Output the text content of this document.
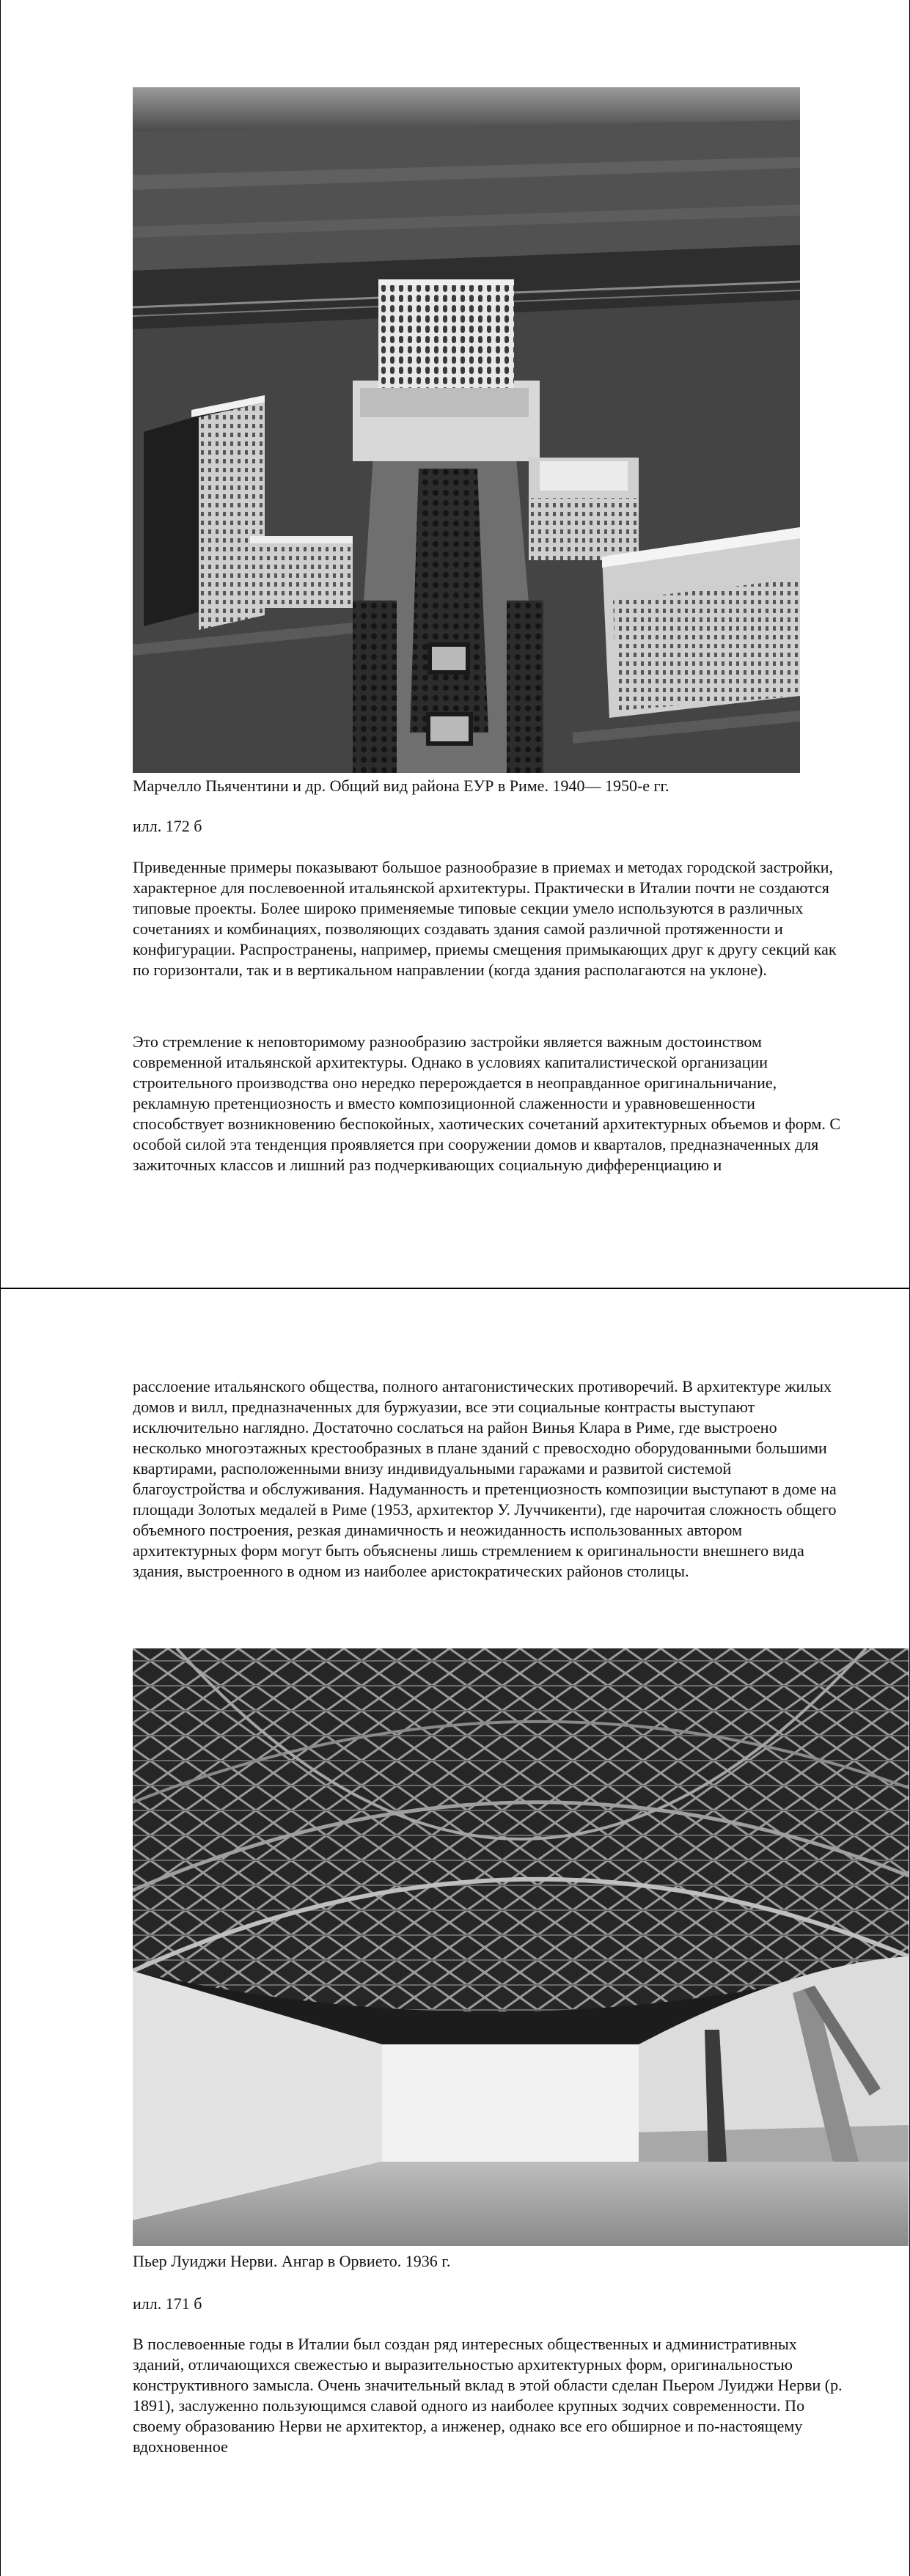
Марчелло Пьячентини и др. Общий вид района ЕУР в Риме. 1940— 1950-е гг.

илл. 172 б

Приведенные примеры показывают большое разнообразие в приемах и методах городской застройки, характерное для послевоенной итальянской архитектуры. Практически в Италии почти не создаются типовые проекты. Более широко применяемые типовые секции умело используются в различных сочетаниях и комбинациях, позволяющих создавать здания самой различной протяженности и конфигурации. Распространены, например, приемы смещения примыкающих друг к другу секций как по горизонтали, так и в вертикальном направлении (когда здания располагаются на уклоне).

Это стремление к неповторимому разнообразию застройки является важным достоинством современной итальянской архитектуры. Однако в условиях капиталистической организации строительного производства оно нередко перерождается в неоправданное оригинальничание, рекламную претенциозность и вместо композиционной слаженности и уравновешенности способствует возникновению беспокойных, хаотических сочетаний архитектурных объемов и форм. С особой силой эта тенденция проявляется при сооружении домов и кварталов, предназначенных для зажиточных классов и лишний раз подчеркивающих социальную дифференциацию и

расслоение итальянского общества, полного антагонистических противоречий. В архитектуре жилых домов и вилл, предназначенных для буржуазии, все эти социальные контрасты выступают исключительно наглядно. Достаточно сослаться на район Винья Клара в Риме, где выстроено несколько многоэтажных крестообразных в плане зданий с превосходно оборудованными большими квартирами, расположенными внизу индивидуальными гаражами и развитой системой благоустройства и обслуживания. Надуманность и претенциозность композиции выступают в доме на площади Золотых медалей в Риме (1953, архитектор У. Луччикенти), где нарочитая сложность общего объемного построения, резкая динамичность и неожиданность использованных автором архитектурных форм могут быть объяснены лишь стремлением к оригинальности внешнего вида здания, выстроенного в одном из наиболее аристократических районов столицы.

Пьер Луиджи Нерви. Ангар в Орвието. 1936 г.

илл. 171 б

В послевоенные годы в Италии был создан ряд интересных общественных и административных зданий, отличающихся свежестью и выразительностью архитектурных форм, оригинальностью конструктивного замысла. Очень значительный вклад в этой области сделан Пьером Луиджи Нерви (р. 1891), заслуженно пользующимся славой одного из наиболее крупных зодчих современности. По своему образованию Нерви не архитектор, а инженер, однако все его обширное и по-настоящему вдохновенное
